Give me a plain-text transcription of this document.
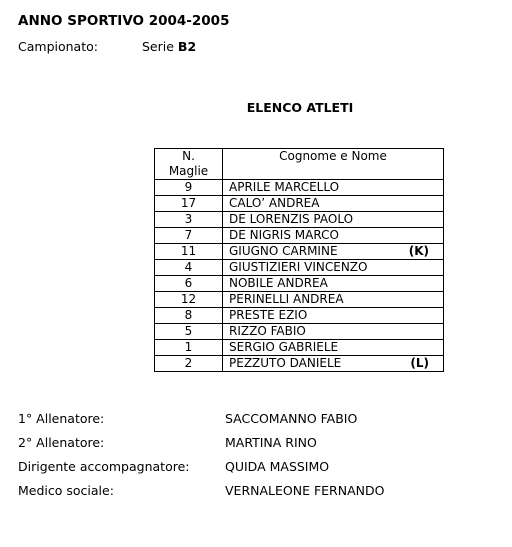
ANNO SPORTIVO 2004-2005
Campionato:	Serie B2
ELENCO ATLETI
N.
Maglie	Cognome e Nome
9	APRILE MARCELLO
17	CALO’ ANDREA
3	DE LORENZIS PAOLO
7	DE NIGRIS MARCO
11	GIUGNO CARMINE (K)

4	GIUSTIZIERI VINCENZO
6	NOBILE ANDREA
12	PERINELLI ANDREA
8	PRESTE EZIO
5	RIZZO FABIO
1	SERGIO GABRIELE
2	PEZZUTO DANIELE (L)
1° Allenatore:	SACCOMANNO FABIO
2° Allenatore:	MARTINA RINO
Dirigente accompagnatore:	QUIDA MASSIMO
Medico sociale:	VERNALEONE FERNANDO
